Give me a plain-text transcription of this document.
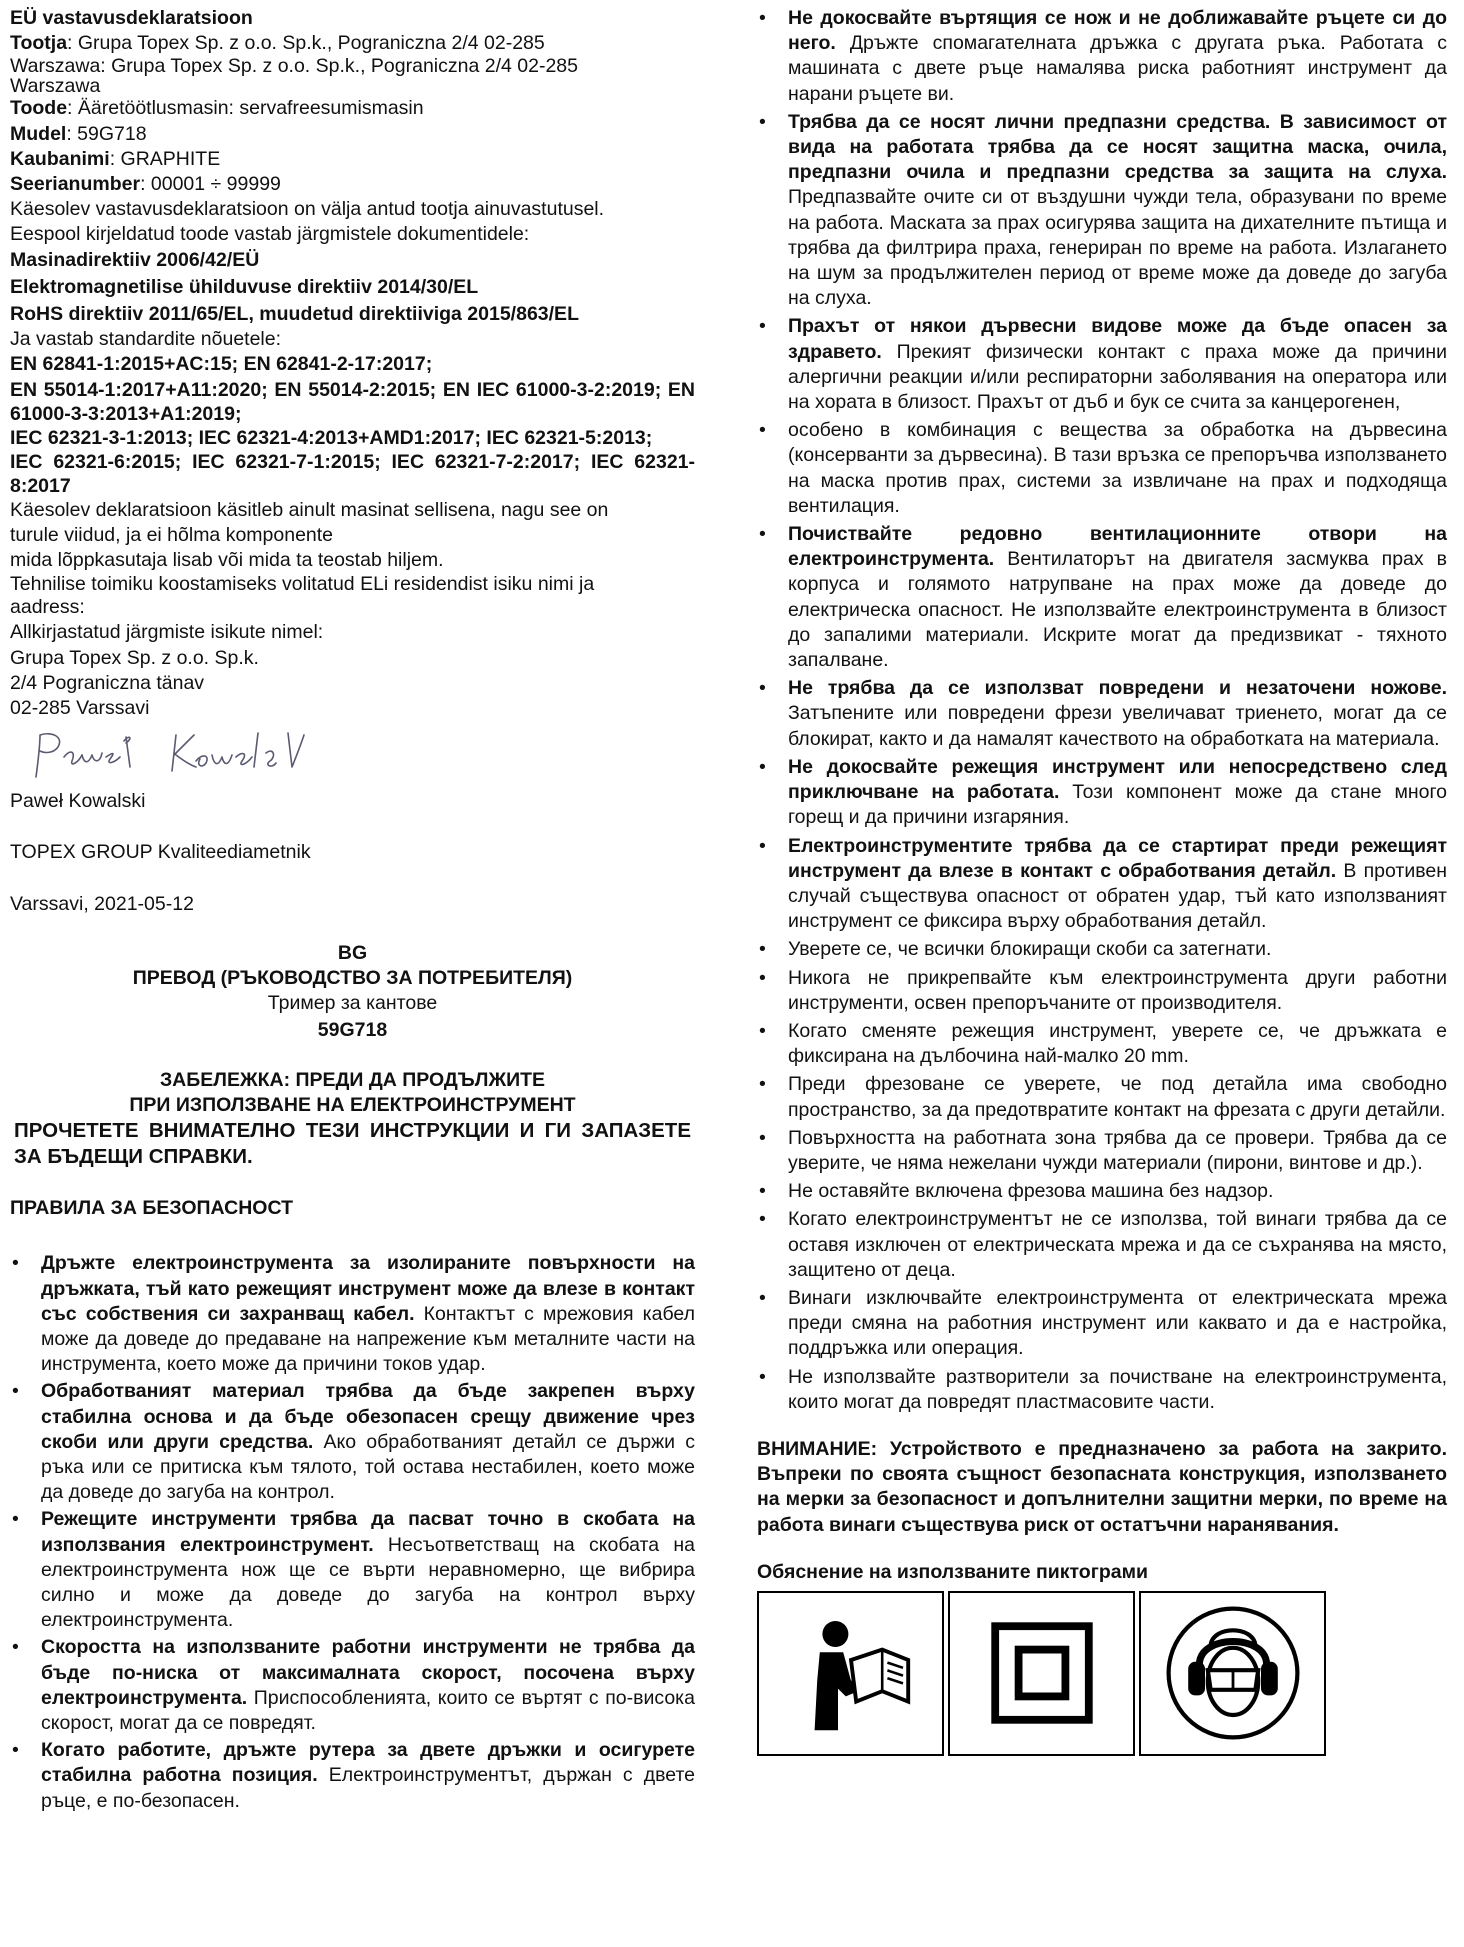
EÜ vastavusdeklaratsioon

Tootja: Grupa Topex Sp. z o.o. Sp.k., Pograniczna 2/4 02-285

Warszawa: Grupa Topex Sp. z o.o. Sp.k., Pograniczna 2/4 02-285

Warszawa

Toode: Ääretöötlusmasin: servafreesumismasin

Mudel: 59G718

Kaubanimi: GRAPHITE

Seerianumber: 00001 ÷ 99999

Käesolev vastavusdeklaratsioon on välja antud tootja ainuvastutusel.

Eespool kirjeldatud toode vastab järgmistele dokumentidele:

Masinadirektiiv 2006/42/EÜ

Elektromagnetilise ühilduvuse direktiiv 2014/30/EL

RoHS direktiiv 2011/65/EL, muudetud direktiiviga 2015/863/EL

Ja vastab standardite nõuetele:

EN 62841-1:2015+AC:15; EN 62841-2-17:2017;

EN 55014-1:2017+A11:2020; EN 55014-2:2015; EN IEC 61000-3-2:2019; EN 61000-3-3:2013+A1:2019;

IEC 62321-3-1:2013; IEC 62321-4:2013+AMD1:2017; IEC 62321-5:2013;

IEC 62321-6:2015; IEC 62321-7-1:2015; IEC 62321-7-2:2017; IEC 62321-8:2017

Käesolev deklaratsioon käsitleb ainult masinat sellisena, nagu see on

turule viidud, ja ei hõlma komponente

mida lõppkasutaja lisab või mida ta teostab hiljem.

Tehnilise toimiku koostamiseks volitatud ELi residendist isiku nimi ja

aadress:

Allkirjastatud järgmiste isikute nimel:

Grupa Topex Sp. z o.o. Sp.k.

2/4 Pograniczna tänav

02-285 Varssavi

Paweł Kowalski

TOPEX GROUP Kvaliteediametnik

Varssavi, 2021-05-12

BG

ПРЕВОД (РЪКОВОДСТВО ЗА ПОТРЕБИТЕЛЯ)

Тример за кантове

59G718

ЗАБЕЛЕЖКА: ПРЕДИ ДА ПРОДЪЛЖИТЕ

ПРИ ИЗПОЛЗВАНЕ НА ЕЛЕКТРОИНСТРУМЕНТ

ПРОЧЕТЕТЕ ВНИМАТЕЛНО ТЕЗИ ИНСТРУКЦИИ И ГИ ЗАПАЗЕТЕ ЗА БЪДЕЩИ СПРАВКИ.

ПРАВИЛА ЗА БЕЗОПАСНОСТ

• Дръжте електроинструмента за изолираните повърхности на дръжката, тъй като режещият инструмент може да влезе в контакт със собствения си захранващ кабел. Контактът с мрежовия кабел може да доведе до предаване на напрежение към металните части на инструмента, което може да причини токов удар.
• Обработваният материал трябва да бъде закрепен върху стабилна основа и да бъде обезопасен срещу движение чрез скоби или други средства. Ако обработваният детайл се държи с ръка или се притиска към тялото, той остава нестабилен, което може да доведе до загуба на контрол.
• Режещите инструменти трябва да пасват точно в скобата на използвания електроинструмент. Несъответстващ на скобата на електроинструмента нож ще се върти неравномерно, ще вибрира силно и може да доведе до загуба на контрол върху електроинструмента.
• Скоростта на използваните работни инструменти не трябва да бъде по-ниска от максималната скорост, посочена върху електроинструмента. Приспособленията, които се въртят с по-висока скорост, могат да се повредят.
• Когато работите, дръжте рутера за двете дръжки и осигурете стабилна работна позиция. Електроинструментът, държан с двете ръце, е по-безопасен.
• Не докосвайте въртящия се нож и не доближавайте ръцете си до него. Дръжте спомагателната дръжка с другата ръка. Работата с машината с двете ръце намалява риска работният инструмент да нарани ръцете ви.
• Трябва да се носят лични предпазни средства. В зависимост от вида на работата трябва да се носят защитна маска, очила, предпазни очила и предпазни средства за защита на слуха. Предпазвайте очите си от въздушни чужди тела, образувани по време на работа. Маската за прах осигурява защита на дихателните пътища и трябва да филтрира праха, генериран по време на работа. Излагането на шум за продължителен период от време може да доведе до загуба на слуха.
• Прахът от някои дървесни видове може да бъде опасен за здравето. Прекият физически контакт с праха може да причини алергични реакции и/или респираторни заболявания на оператора или на хората в близост. Прахът от дъб и бук се счита за канцерогенен,
• особено в комбинация с вещества за обработка на дървесина (консерванти за дървесина). В тази връзка се препоръчва използването на маска против прах, системи за извличане на прах и подходяща вентилация.
• Почиствайте редовно вентилационните отвори на електроинструмента. Вентилаторът на двигателя засмуква прах в корпуса и голямото натрупване на прах може да доведе до електрическа опасност. Не използвайте електроинструмента в близост до запалими материали. Искрите могат да предизвикат - тяхното запалване.
• Не трябва да се използват повредени и незаточени ножове. Затъпените или повредени фрези увеличават триенето, могат да се блокират, както и да намалят качеството на обработката на материала.
• Не докосвайте режещия инструмент или непосредствено след приключване на работата. Този компонент може да стане много горещ и да причини изгаряния.
• Електроинструментите трябва да се стартират преди режещият инструмент да влезе в контакт с обработвания детайл. В противен случай съществува опасност от обратен удар, тъй като използваният инструмент се фиксира върху обработвания детайл.
• Уверете се, че всички блокиращи скоби са затегнати.
• Никога не прикрепвайте към електроинструмента други работни инструменти, освен препоръчаните от производителя.
• Когато сменяте режещия инструмент, уверете се, че дръжката е фиксирана на дълбочина най-малко 20 mm.
• Преди фрезоване се уверете, че под детайла има свободно пространство, за да предотвратите контакт на фрезата с други детайли.
• Повърхността на работната зона трябва да се провери. Трябва да се уверите, че няма нежелани чужди материали (пирони, винтове и др.).
• Не оставяйте включена фрезова машина без надзор.
• Когато електроинструментът не се използва, той винаги трябва да се оставя изключен от електрическата мрежа и да се съхранява на място, защитено от деца.
• Винаги изключвайте електроинструмента от електрическата мрежа преди смяна на работния инструмент или каквато и да е настройка, поддръжка или операция.
• Не използвайте разтворители за почистване на електроинструмента, които могат да повредят пластмасовите части.

ВНИМАНИЕ: Устройството е предназначено за работа на закрито. Въпреки по своята същност безопасната конструкция, използването на мерки за безопасност и допълнителни защитни мерки, по време на работа винаги съществува риск от остатъчни наранявания.

Обяснение на използваните пиктограми
